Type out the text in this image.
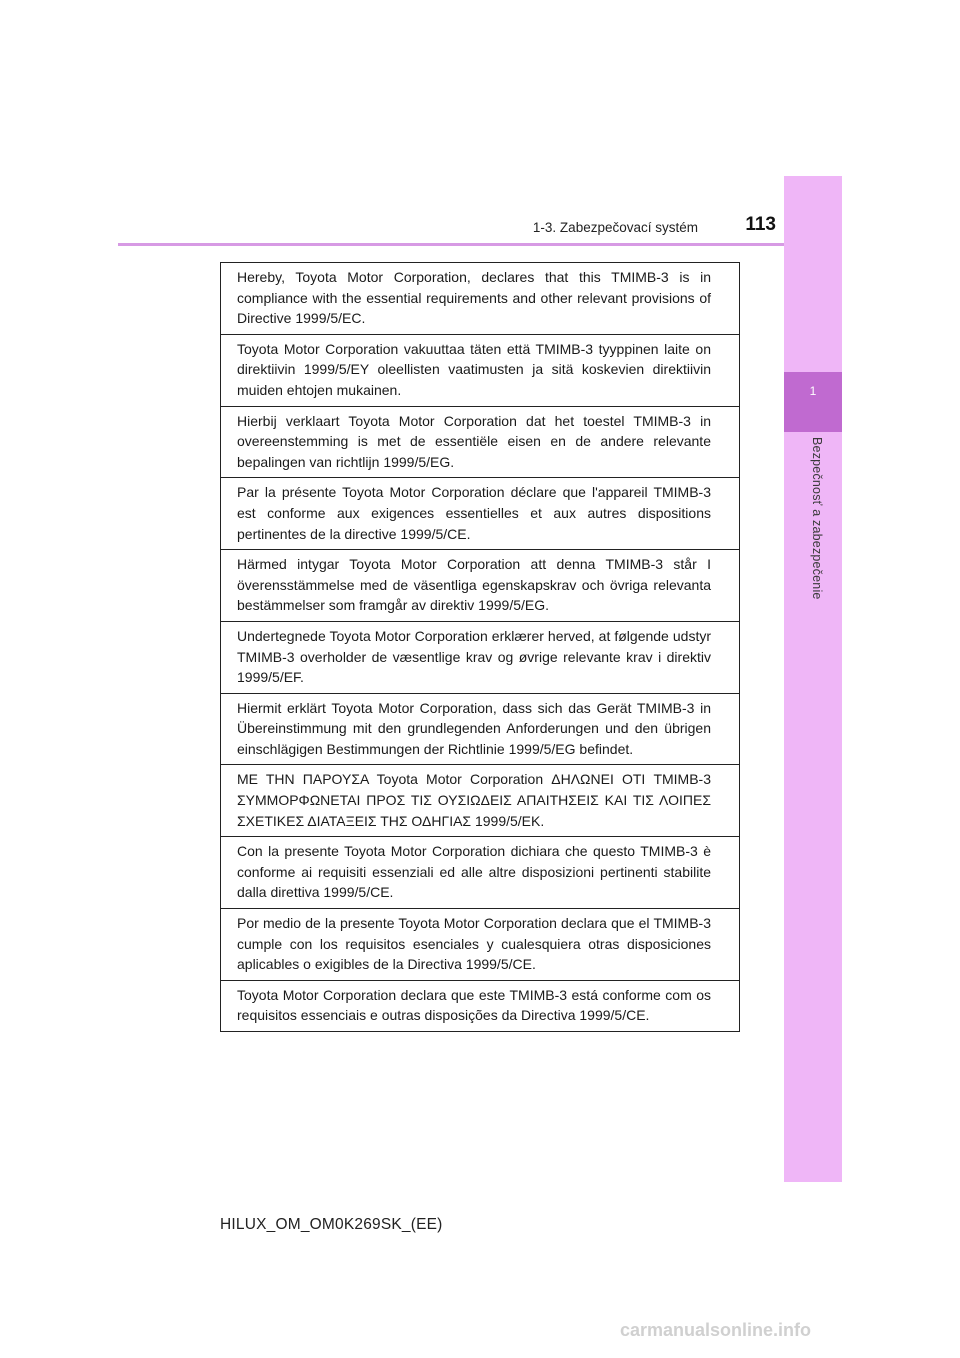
1
Bezpečnosť a zabezpečenie
1-3. Zabezpečovací systém	113
Hereby, Toyota Motor Corporation, declares that this TMIMB-3 is in compliance with the essential requirements and other relevant provisions of Directive 1999/5/EC.
Toyota Motor Corporation vakuuttaa täten että TMIMB-3 tyyppinen laite on direktiivin 1999/5/EY oleellisten vaatimusten ja sitä koskevien direktiivin muiden ehtojen mukainen.
Hierbij verklaart Toyota Motor Corporation dat het toestel TMIMB-3 in overeenstemming is met de essentiële eisen en de andere relevante bepalingen van richtlijn 1999/5/EG.
Par la présente Toyota Motor Corporation déclare que l'appareil TMIMB-3 est conforme aux exigences essentielles et aux autres dispositions pertinentes de la directive 1999/5/CE.
Härmed intygar Toyota Motor Corporation att denna TMIMB-3 står I överensstämmelse med de väsentliga egenskapskrav och övriga relevanta bestämmelser som framgår av direktiv 1999/5/EG.
Undertegnede Toyota Motor Corporation erklærer herved, at følgende udstyr TMIMB-3 overholder de væsentlige krav og øvrige relevante krav i direktiv 1999/5/EF.
Hiermit erklärt Toyota Motor Corporation, dass sich das Gerät TMIMB-3 in Übereinstimmung mit den grundlegenden Anforderungen und den übrigen einschlägigen Bestimmungen der Richtlinie 1999/5/EG befindet.
ΜΕ ΤΗΝ ΠΑΡΟΥΣΑ Toyota Motor Corporation ΔΗΛΩΝΕΙ ΟΤΙ TMIMB-3 ΣΥΜΜΟΡΦΩΝΕΤΑΙ ΠΡΟΣ ΤΙΣ ΟΥΣΙΩΔΕΙΣ ΑΠΑΙΤΗΣΕΙΣ ΚΑΙ ΤΙΣ ΛΟΙΠΕΣ ΣΧΕΤΙΚΕΣ ΔΙΑΤΑΞΕΙΣ ΤΗΣ ΟΔΗΓΙΑΣ 1999/5/ΕΚ.
Con la presente Toyota Motor Corporation dichiara che questo TMIMB-3 è conforme ai requisiti essenziali ed alle altre disposizioni pertinenti stabilite dalla direttiva 1999/5/CE.
Por medio de la presente Toyota Motor Corporation declara que el TMIMB-3 cumple con los requisitos esenciales y cualesquiera otras disposiciones aplicables o exigibles de la Directiva 1999/5/CE.
Toyota Motor Corporation declara que este TMIMB-3 está conforme com os requisitos essenciais e outras disposições da Directiva 1999/5/CE.
HILUX_OM_OM0K269SK_(EE)
carmanualsonline.info
